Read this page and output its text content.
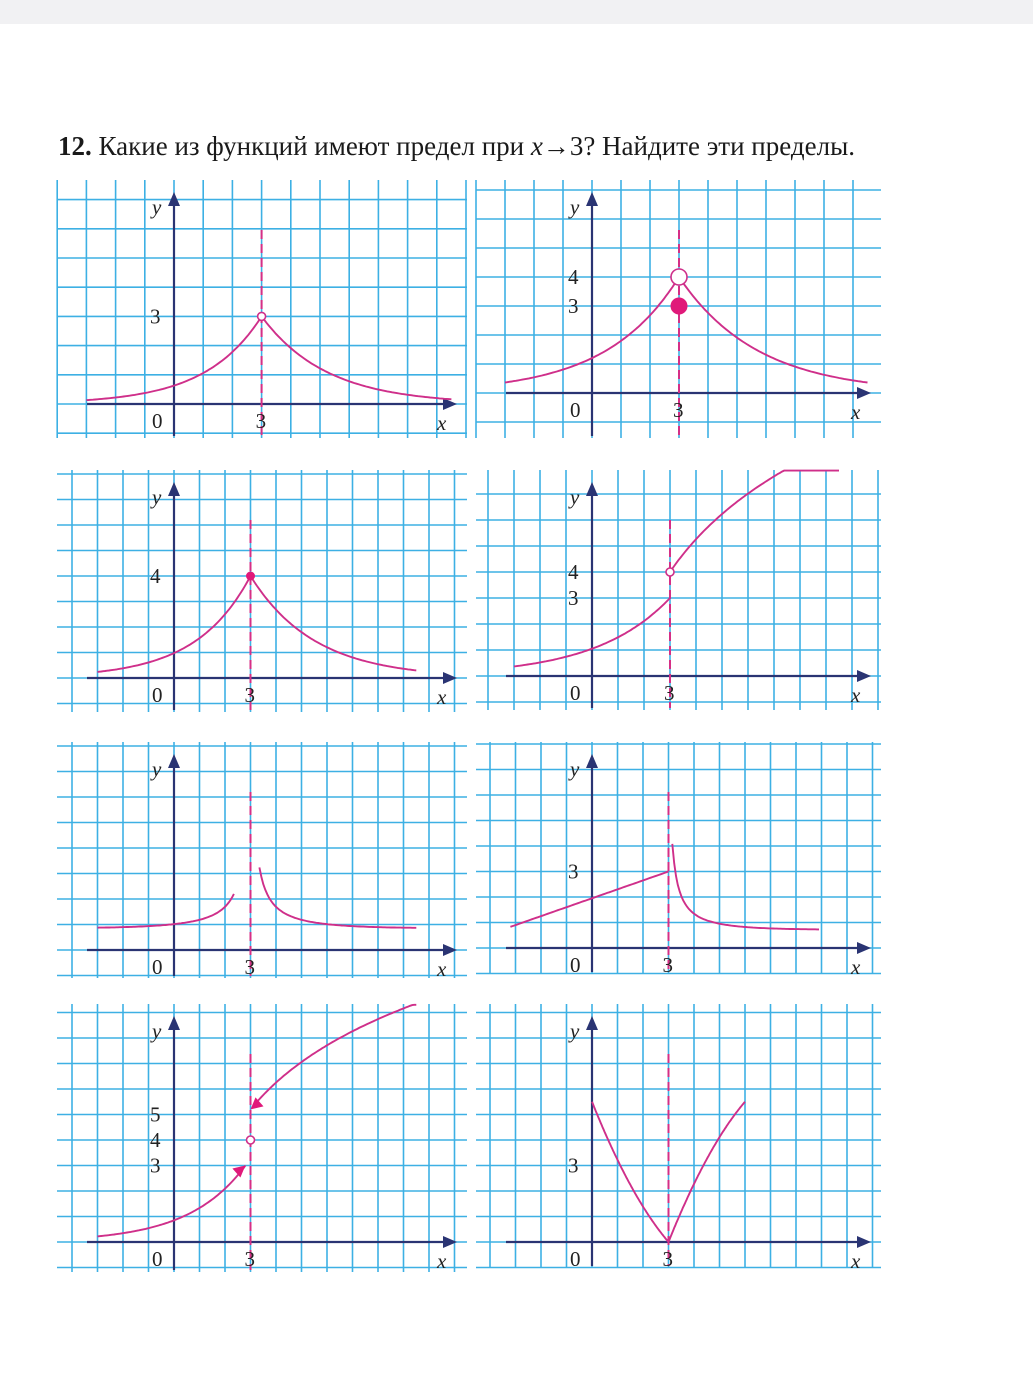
12. Какие из функций имеют предел при x→3? Найдите эти пределы.
y
x
0	3
3
y
x
0	3
4
3
y
x
0	3
4
y
x
0	3
4
3
y
x
0	3
y
x
0	3
3
y
x
0	3
5
4
3
y
x
0	3
3
